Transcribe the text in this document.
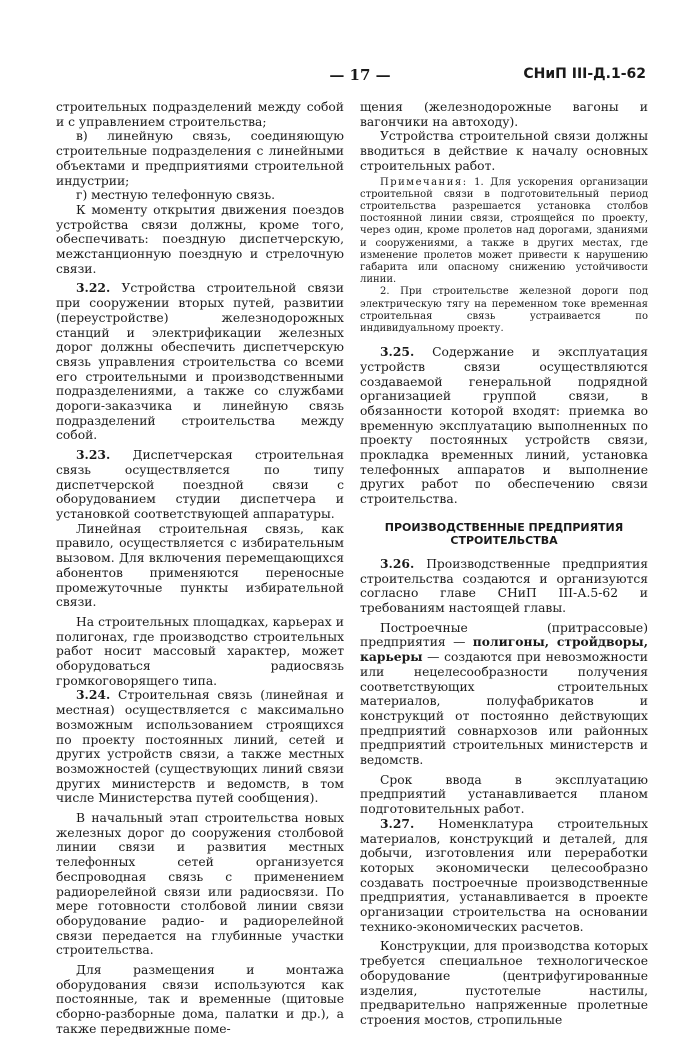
— 17 —	СНиП III-Д.1-62

строительных подразделений между собой и с управлением строительства;

в) линейную связь, соединяющую строительные подразделения с линейными объектами и предприятиями строительной индустрии;

г) местную телефонную связь.

К моменту открытия движения поездов устройства связи должны, кроме того, обеспечивать: поездную диспетчерскую, межстанционную поездную и стрелочную связи.

3.22. Устройства строительной связи при сооружении вторых путей, развитии (переустройстве) железнодорожных станций и электрификации железных дорог должны обеспечить диспетчерскую связь управления строительства со всеми его строительными и производственными подразделениями, а также со службами дороги-заказчика и линейную связь подразделений строительства между собой.

3.23. Диспетчерская строительная связь осуществляется по типу диспетчерской поездной связи с оборудованием студии диспетчера и установкой соответствующей аппаратуры.

Линейная строительная связь, как правило, осуществляется с избирательным вызовом. Для включения перемещающихся абонентов применяются переносные промежуточные пункты избирательной связи.

На строительных площадках, карьерах и полигонах, где производство строительных работ носит массовый характер, может оборудоваться радиосвязь громкоговорящего типа.

3.24. Строительная связь (линейная и местная) осуществляется с максимально возможным использованием строящихся по проекту постоянных линий, сетей и других устройств связи, а также местных возможностей (существующих линий связи других министерств и ведомств, в том числе Министерства путей сообщения).

В начальный этап строительства новых железных дорог до сооружения столбовой линии связи и развития местных телефонных сетей организуется беспроводная связь с применением радиорелейной связи или радиосвязи. По мере готовности столбовой линии связи оборудование радио- и радиорелейной связи передается на глубинные участки строительства.

Для размещения и монтажа оборудования связи используются как постоянные, так и временные (щитовые сборно-разборные дома, палатки и др.), а также передвижные поме-

щения (железнодорожные вагоны и вагончики на автоходу).

Устройства строительной связи должны вводиться в действие к началу основных строительных работ.

Примечания: 1. Для ускорения организации строительной связи в подготовительный период строительства разрешается установка столбов постоянной линии связи, строящейся по проекту, через один, кроме пролетов над дорогами, зданиями и сооружениями, а также в других местах, где изменение пролетов может привести к нарушению габарита или опасному снижению устойчивости линии.

2. При строительстве железной дороги под электрическую тягу на переменном токе временная строительная связь устраивается по индивидуальному проекту.

3.25. Содержание и эксплуатация устройств связи осуществляются создаваемой генеральной подрядной организацией группой связи, в обязанности которой входят: приемка во временную эксплуатацию выполненных по проекту постоянных устройств связи, прокладка временных линий, установка телефонных аппаратов и выполнение других работ по обеспечению связи строительства.

ПРОИЗВОДСТВЕННЫЕ ПРЕДПРИЯТИЯ СТРОИТЕЛЬСТВА

3.26. Производственные предприятия строительства создаются и организуются согласно главе СНиП III-А.5-62 и требованиям настоящей главы.

Построечные (притрассовые) предприятия — полигоны, стройдворы, карьеры — создаются при невозможности или нецелесообразности получения соответствующих строительных материалов, полуфабрикатов и конструкций от постоянно действующих предприятий совнархозов или районных предприятий строительных министерств и ведомств.

Срок ввода в эксплуатацию предприятий устанавливается планом подготовительных работ.

3.27. Номенклатура строительных материалов, конструкций и деталей, для добычи, изготовления или переработки которых экономически целесообразно создавать построечные производственные предприятия, устанавливается в проекте организации строительства на основании технико-экономических расчетов.

Конструкции, для производства которых требуется специальное технологическое оборудование (центрифугированные изделия, пустотелые настилы, предварительно напряженные пролетные строения мостов, стропильные
